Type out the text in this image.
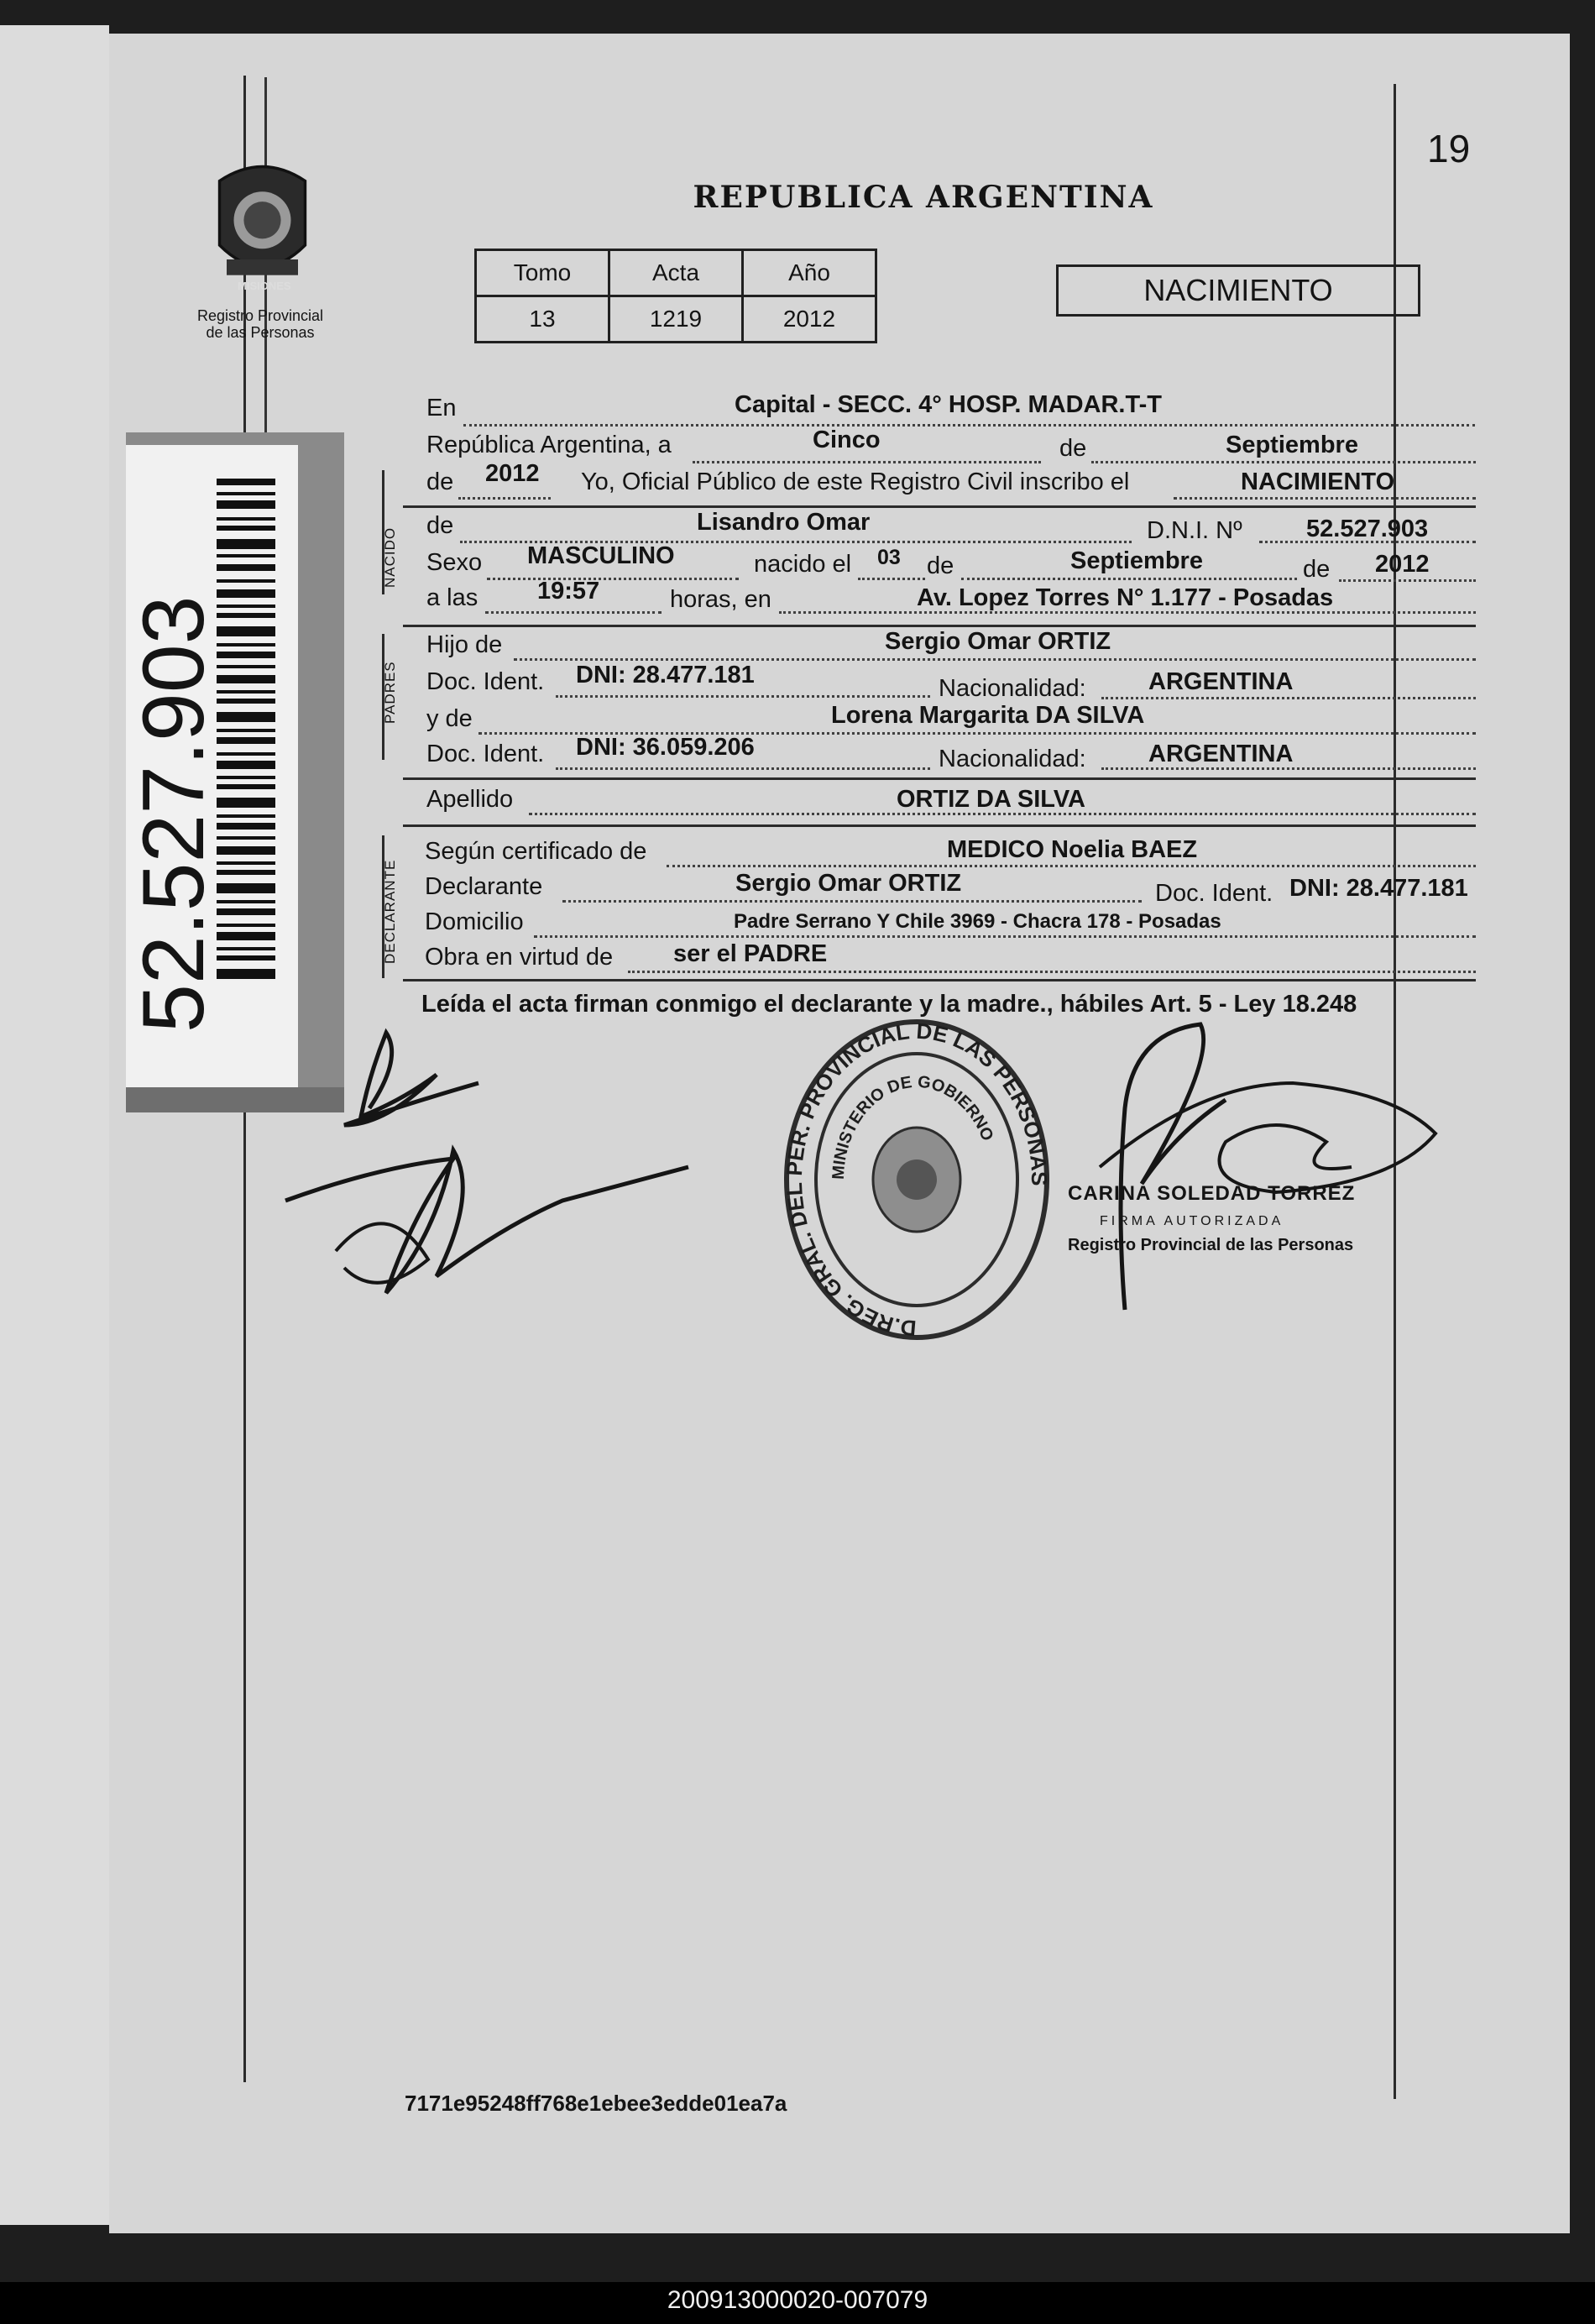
MISIONES
Registro Provincial
de las Personas
52.527.903
19
REPUBLICA ARGENTINA
Tomo	Acta	Año
13	1219	2012
NACIMIENTO
NACIDO
PADRES
DECLARANTE
En	Capital - SECC. 4° HOSP. MADAR.T-T
República Argentina, a	Cinco	de	Septiembre
de 2012 Yo, Oficial Público de este Registro Civil inscribo el	NACIMIENTO
de	Lisandro Omar	D.N.I. Nº	52.527.903
Sexo MASCULINO	nacido el 03 de	Septiembre	de 2012
a las 19:57	horas, en	Av. Lopez Torres N° 1.177 - Posadas
Hijo de	Sergio Omar ORTIZ
Doc. Ident. DNI: 28.477.181	Nacionalidad:	ARGENTINA
y de	Lorena Margarita DA SILVA
Doc. Ident. DNI: 36.059.206	Nacionalidad:	ARGENTINA
Apellido	ORTIZ DA SILVA
Según certificado de	MEDICO Noelia BAEZ
Declarante	Sergio Omar ORTIZ	Doc. Ident. DNI: 28.477.181
Domicilio	Padre Serrano Y Chile 3969 - Chacra 178 - Posadas
Obra en virtud de ser el PADRE
Leída el acta firman conmigo el declarante y la madre., hábiles Art. 5 - Ley 18.248
D.REG. GRAL. DEL PER. PROVINCIAL DE LAS PERSONAS
MINISTERIO DE GOBIERNO
CARINA SOLEDAD TORREZ
FIRMA AUTORIZADA
Registro Provincial de las Personas
7171e95248ff768e1ebee3edde01ea7a
200913000020-007079
